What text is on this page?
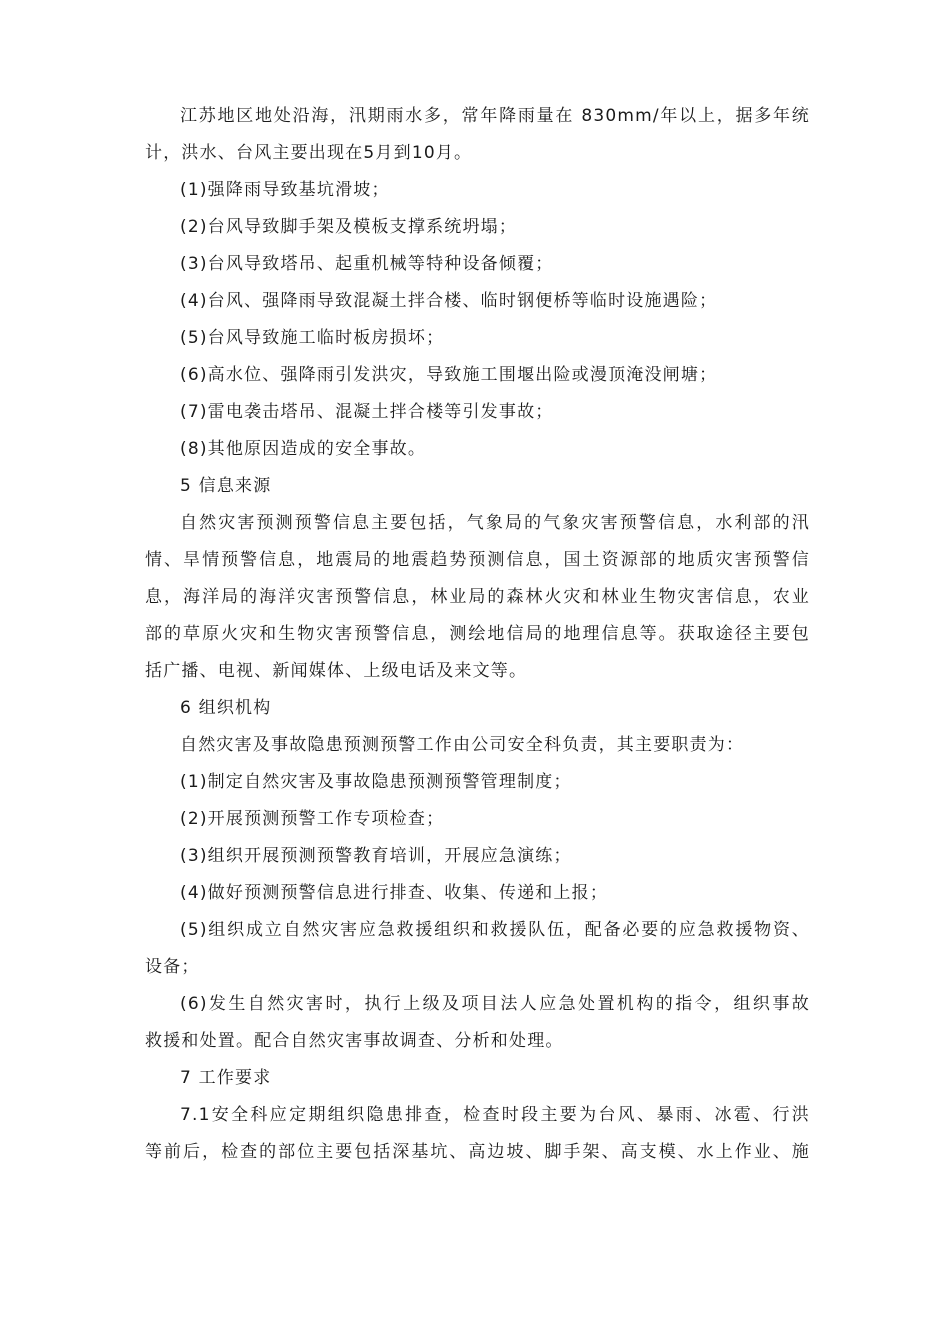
江苏地区地处沿海，汛期雨水多，常年降雨量在 830mm/年以上，据多年统
计，洪水、台风主要出现在5月到10月。
(1)强降雨导致基坑滑坡；
(2)台风导致脚手架及模板支撑系统坍塌；
(3)台风导致塔吊、起重机械等特种设备倾覆；
(4)台风、强降雨导致混凝土拌合楼、临时钢便桥等临时设施遇险；
(5)台风导致施工临时板房损坏；
(6)高水位、强降雨引发洪灾，导致施工围堰出险或漫顶淹没闸塘；
(7)雷电袭击塔吊、混凝土拌合楼等引发事故；
(8)其他原因造成的安全事故。
5 信息来源
自然灾害预测预警信息主要包括，气象局的气象灾害预警信息，水利部的汛
情、旱情预警信息，地震局的地震趋势预测信息，国土资源部的地质灾害预警信
息，海洋局的海洋灾害预警信息，林业局的森林火灾和林业生物灾害信息，农业
部的草原火灾和生物灾害预警信息，测绘地信局的地理信息等。获取途径主要包
括广播、电视、新闻媒体、上级电话及来文等。
6 组织机构
自然灾害及事故隐患预测预警工作由公司安全科负责，其主要职责为：
(1)制定自然灾害及事故隐患预测预警管理制度；
(2)开展预测预警工作专项检查；
(3)组织开展预测预警教育培训，开展应急演练；
(4)做好预测预警信息进行排查、收集、传递和上报；
(5)组织成立自然灾害应急救援组织和救援队伍，配备必要的应急救援物资、
设备；
(6)发生自然灾害时，执行上级及项目法人应急处置机构的指令，组织事故
救援和处置。配合自然灾害事故调查、分析和处理。
7 工作要求
7.1安全科应定期组织隐患排查，检查时段主要为台风、暴雨、冰雹、行洪
等前后，检查的部位主要包括深基坑、高边坡、脚手架、高支模、水上作业、施
